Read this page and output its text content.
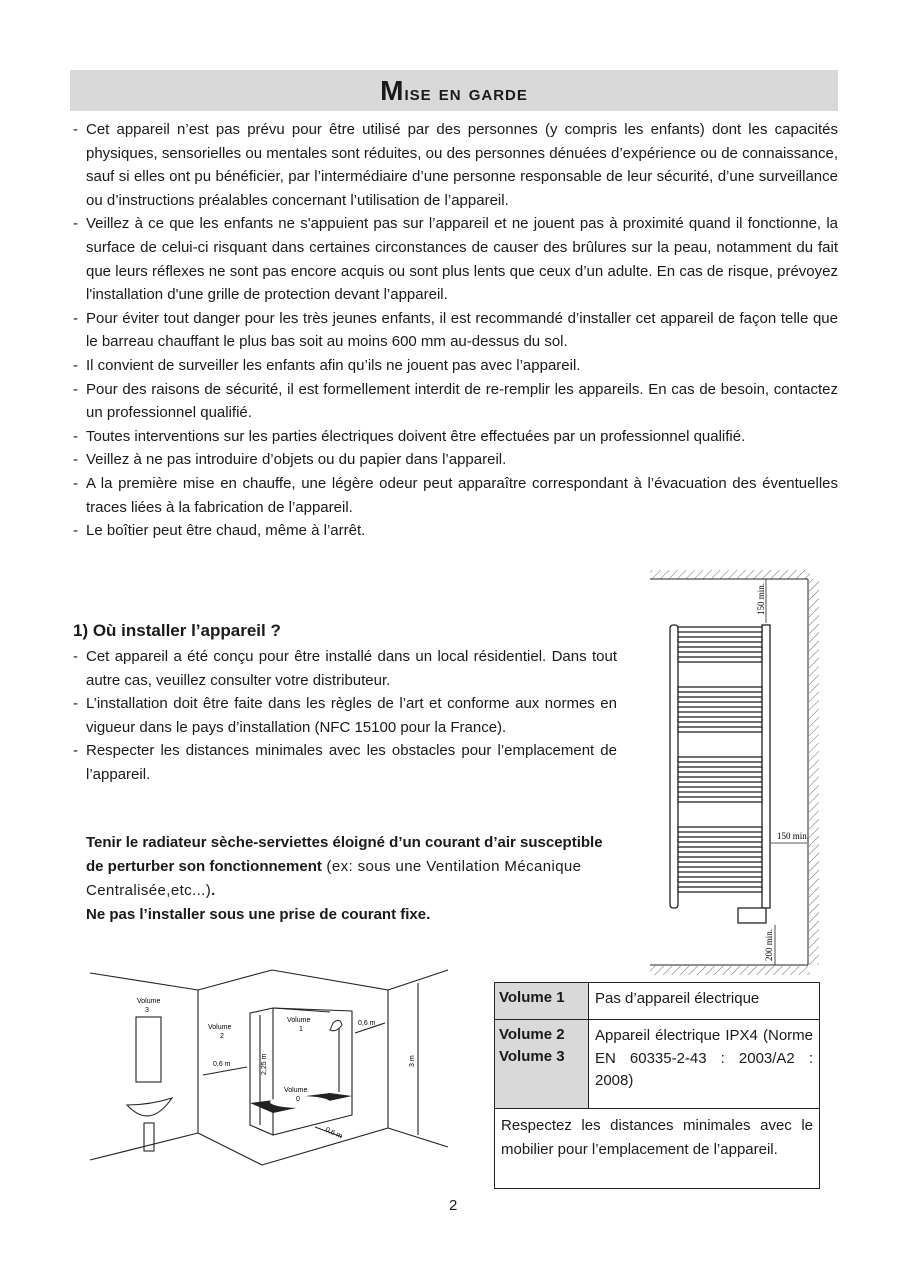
Mise en garde
- Cet appareil n’est pas prévu pour être utilisé par des personnes (y compris les enfants) dont les capacités physiques, sensorielles ou mentales sont réduites, ou des personnes dénuées d’expérience ou de connaissance, sauf si elles ont pu bénéficier, par l’intermédiaire d’une personne responsable de leur sécurité, d’une surveillance ou d’instructions préalables concernant l’utilisation de l’appareil.
- Veillez à ce que les enfants ne s'appuient pas sur l’appareil et ne jouent pas à proximité quand il fonctionne, la surface de celui-ci risquant dans certaines circonstances de causer des brûlures sur la peau, notamment du fait que leurs réflexes ne sont pas encore acquis ou sont plus lents que ceux d’un adulte. En cas de risque, prévoyez l'installation d'une grille de protection devant l’appareil.
- Pour éviter tout danger pour les très jeunes enfants, il est recommandé d’installer cet appareil de façon telle que le barreau chauffant le plus bas soit au moins 600 mm au-dessus du sol.
- Il convient de surveiller les enfants afin qu’ils ne jouent pas avec l’appareil.
- Pour des raisons de sécurité, il est formellement interdit de re-remplir les appareils. En cas de besoin, contactez un professionnel qualifié.
- Toutes interventions sur les parties électriques doivent être effectuées par un professionnel qualifié.
- Veillez à ne pas introduire d’objets ou du papier dans l’appareil.
- A la première mise en chauffe, une légère odeur peut apparaître correspondant à l’évacuation des éventuelles traces liées à la fabrication de l’appareil.
- Le boîtier peut être chaud, même à l’arrêt.
1) Où installer l’appareil ?
- Cet appareil a été conçu pour être installé dans un local résidentiel. Dans tout autre cas, veuillez consulter votre distributeur.
- L’installation doit être faite dans les règles de l’art et conforme aux normes en vigueur dans le pays d’installation (NFC 15100 pour la France).
- Respecter les distances minimales avec les obstacles pour l’emplacement de l’appareil.
Tenir le radiateur sèche-serviettes éloigné d’un courant d’air susceptible de perturber son fonctionnement (ex: sous une Ventilation Mécanique Centralisée,etc...).
Ne pas l’installer sous une prise de courant fixe.
150 min.
150 min.
200 min.
Volume
3
Volume
2
Volume
1
Volume
0
0,6 m
0,6 m
0,6 m
2,25 m	3 m
Volume 1	Pas d’appareil électrique
Volume 2 Volume 3
Appareil électrique IPX4 (Norme EN 60335-2-43 : 2003/A2 : 2008)
Respectez les distances minimales avec le mobilier pour l’emplacement de l’appareil.
2
